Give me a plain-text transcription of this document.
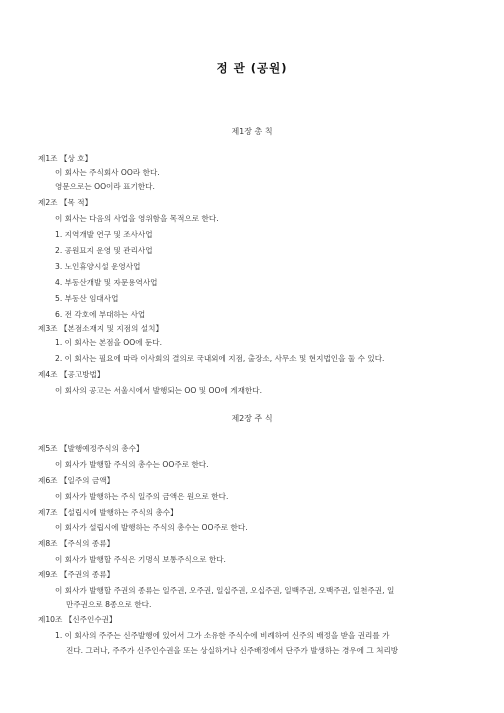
정 관 (공원)
제1장 총 칙
제1조 【상 호】
이 회사는 주식회사 OO라 한다.
영문으로는 OO이라 표기한다.
제2조 【목 적】
이 회사는 다음의 사업을 영위함을 목적으로 한다.
1. 지역개발 연구 및 조사사업
2. 공원묘지 운영 및 관리사업
3. 노인휴양시설 운영사업
4. 부동산개발 및 자문용역사업
5. 부동산 임대사업
6. 전 각호에 부대하는 사업
제3조 【본점소재지 및 지점의 설치】
1. 이 회사는 본점을 OO에 둔다.
2. 이 회사는 필요에 따라 이사회의 결의로 국내외에 지점, 출장소, 사무소 및 현지법인을 둘 수 있다.
제4조 【공고방법】
이 회사의 공고는 서울시에서 발행되는 OO 및 OO에 게재한다.
제2장 주 식
제5조 【발행예정주식의 총수】
이 회사가 발행할 주식의 총수는 OO주로 한다.
제6조 【일주의 금액】
이 회사가 발행하는 주식 일주의 금액은 원으로 한다.
제7조 【설립시에 발행하는 주식의 총수】
이 회사가 설립시에 발행하는 주식의 총수는 OO주로 한다.
제8조 【주식의 종류】
이 회사가 발행할 주식은 기명식 보통주식으로 한다.
제9조 【주권의 종류】
이 회사가 발행할 주권의 종류는 일주권, 오주권, 일십주권, 오십주권, 일백주권, 오백주권, 일천주권, 일
만주권으로 8종으로 한다.
제10조 【신주인수권】
1. 이 회사의 주주는 신주발행에 있어서 그가 소유한 주식수에 비례하여 신주의 배정을 받을 권리를 가
진다. 그러나, 주주가 신주인수권을 또는 상실하거나 신주배정에서 단주가 발생하는 경우에 그 처리방
